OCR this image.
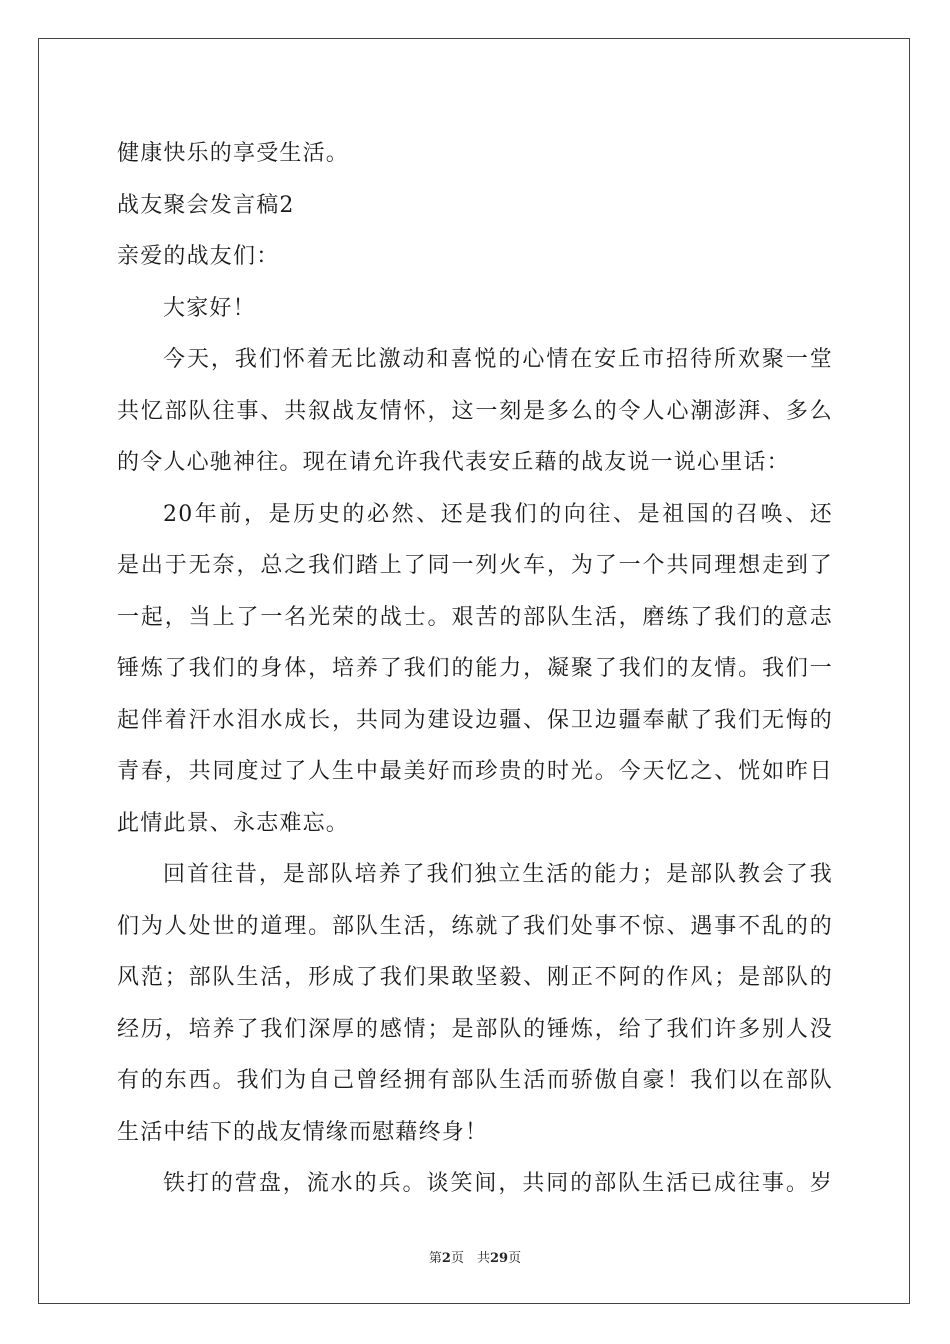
健康快乐的享受生活。
战友聚会发言稿2
亲爱的战友们：
大家好！
今天，我们怀着无比激动和喜悦的心情在安丘市招待所欢聚一堂
共忆部队往事、共叙战友情怀，这一刻是多么的令人心潮澎湃、多么
的令人心驰神往。现在请允许我代表安丘藉的战友说一说心里话：
20年前，是历史的必然、还是我们的向往、是祖国的召唤、还
是出于无奈，总之我们踏上了同一列火车，为了一个共同理想走到了
一起，当上了一名光荣的战士。艰苦的部队生活，磨练了我们的意志
锤炼了我们的身体，培养了我们的能力，凝聚了我们的友情。我们一
起伴着汗水泪水成长，共同为建设边疆、保卫边疆奉献了我们无悔的
青春，共同度过了人生中最美好而珍贵的时光。今天忆之、恍如昨日
此情此景、永志难忘。
回首往昔，是部队培养了我们独立生活的能力；是部队教会了我
们为人处世的道理。部队生活，练就了我们处事不惊、遇事不乱的的
风范；部队生活，形成了我们果敢坚毅、刚正不阿的作风；是部队的
经历，培养了我们深厚的感情；是部队的锤炼，给了我们许多别人没
有的东西。我们为自己曾经拥有部队生活而骄傲自豪！我们以在部队
生活中结下的战友情缘而慰藉终身！
铁打的营盘，流水的兵。谈笑间，共同的部队生活已成往事。岁
第2页　共29页
